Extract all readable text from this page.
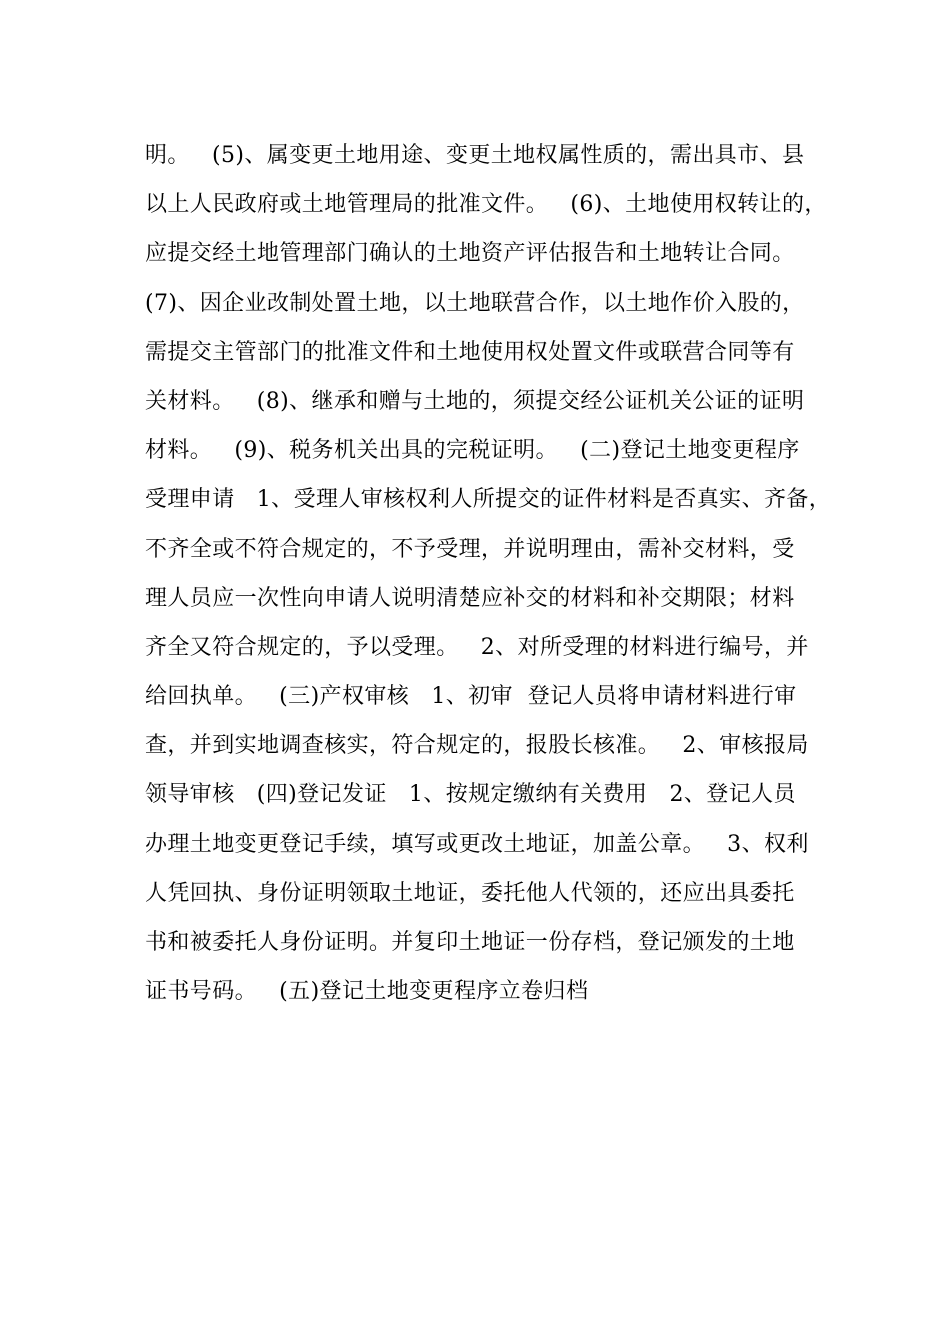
明。   (5)、属变更土地用途、变更土地权属性质的，需出具市、县
以上人民政府或土地管理局的批准文件。   (6)、土地使用权转让的，
应提交经土地管理部门确认的土地资产评估报告和土地转让合同。
(7)、因企业改制处置土地，以土地联营合作，以土地作价入股的，
需提交主管部门的批准文件和土地使用权处置文件或联营合同等有
关材料。   (8)、继承和赠与土地的，须提交经公证机关公证的证明
材料。   (9)、税务机关出具的完税证明。   (二)登记土地变更程序
受理申请   1、受理人审核权利人所提交的证件材料是否真实、齐备，
不齐全或不符合规定的，不予受理，并说明理由，需补交材料，受
理人员应一次性向申请人说明清楚应补交的材料和补交期限；材料
齐全又符合规定的，予以受理。   2、对所受理的材料进行编号，并
给回执单。   (三)产权审核   1、初审  登记人员将申请材料进行审
查，并到实地调查核实，符合规定的，报股长核准。   2、审核报局
领导审核   (四)登记发证   1、按规定缴纳有关费用   2、登记人员
办理土地变更登记手续，填写或更改土地证，加盖公章。   3、权利
人凭回执、身份证明领取土地证，委托他人代领的，还应出具委托
书和被委托人身份证明。并复印土地证一份存档，登记颁发的土地
证书号码。   (五)登记土地变更程序立卷归档
